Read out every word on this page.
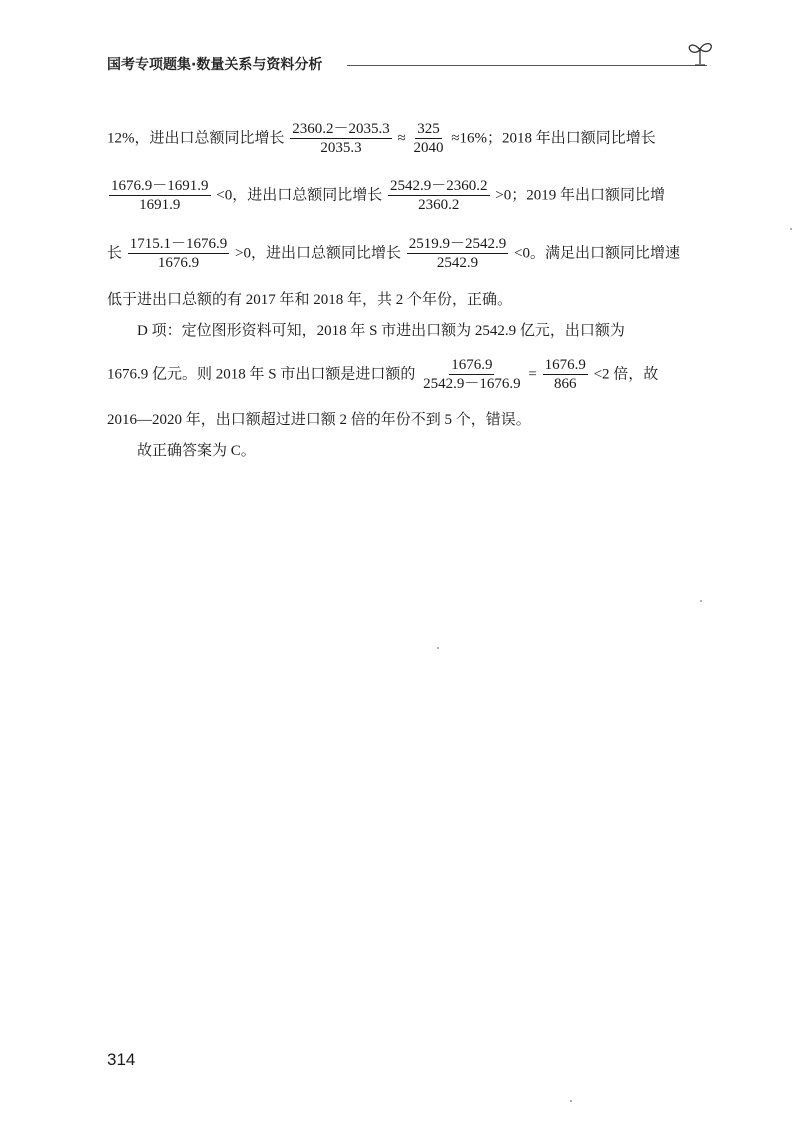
国考专项题集·数量关系与资料分析
12%，进出口总额同比增长 $\frac{2360.2-2035.3}{2035.3} \approx \frac{325}{2040} \approx 16\%$；2018 年出口额同比增长
$\frac{1676.9-1691.9}{1691.9} <0$，进出口总额同比增长 $\frac{2542.9-2360.2}{2360.2} >0$；2019 年出口额同比增
长 $\frac{1715.1-1676.9}{1676.9} >0$，进出口总额同比增长 $\frac{2519.9-2542.9}{2542.9} <0$。满足出口额同比增速
低于进出口总额的有 2017 年和 2018 年，共 2 个年份，正确。
D 项：定位图形资料可知，2018 年 S 市进出口额为 2542.9 亿元，出口额为
1676.9 亿元。则 2018 年 S 市出口额是进口额的 $\frac{1676.9}{2542.9-1676.9} = \frac{1676.9}{866} <2$ 倍，故
2016—2020 年，出口额超过进口额 2 倍的年份不到 5 个，错误。
故正确答案为 C。
314
